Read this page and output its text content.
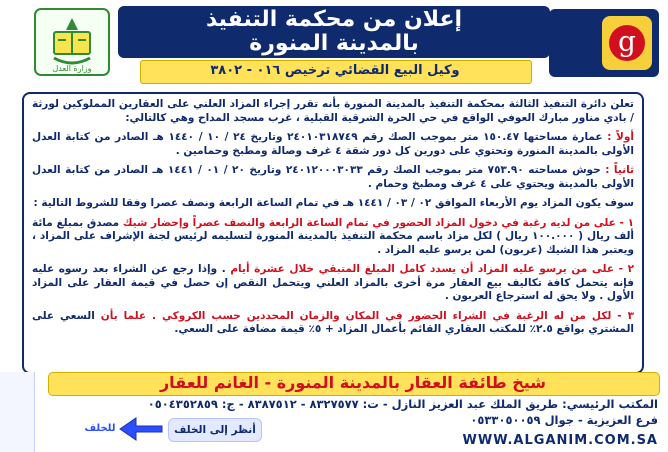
وزارة العدل
إعلان من محكمة التنفيذ
بالمدينة المنورة	g
وكيل البيع القضائي ترخيص ٠١٦ - ٣٨٠٢

تعلن دائرة التنفيذ الثالثة بمحكمة التنفيذ بالمدينة المنورة بأنه تقرر إجراء المزاد العلني على العقارين المملوكين لورثة / بادي مناور مبارك العوفي الواقع في حي الحرة الشرقية القبلية ، غرب مسجد المداح وهي كالتالي:

أولاً : عمارة مساحتها ١٥٠.٤٧ متر بموجب الصك رقم ٢٤٠١٠٣١٨٧٤٩ وتاريخ ٢٤ / ١٠ / ١٤٤٠ هـ الصادر من كتابة العدل الأولى بالمدينة المنورة وتحتوي على دورين كل دور شقة ٤ غرف وصالة ومطبخ وحمامين .

ثانياً : حوش مساحته ٧٥٣.٩٠ متر بموجب الصك رقم ٢٤٠١٢٠٠٠٣٠٣٣ وتاريخ ٢٠ / ٠١ / ١٤٤١ هـ الصادر من كتابة العدل الأولى بالمدينة ويحتوي على ٤ غرف ومطبخ وحمام .

سوف يكون المزاد يوم الأربعاء الموافق ٠٢ / ٠٣ / ١٤٤١ هـ في تمام الساعة الرابعة ونصف عصرا وفقا للشروط التالية :

١ - على من لديه رغبة في دخول المزاد الحضور في تمام الساعة الرابعة والنصف عصراً وإحضار شيك مصدق بمبلغ مائة ألف ريال ( ١٠٠.٠٠٠ ريال ) لكل مزاد باسم محكمة التنفيذ بالمدينة المنورة لتسليمه لرئيس لجنة الإشراف على المزاد ، ويعتبر هذا الشيك (عربون) لمن يرسو عليه المزاد .

٢ - على من يرسو عليه المزاد أن يسدد كامل المبلغ المتبقي خلال عشرة أيام . وإذا رجع عن الشراء بعد رسوه عليه فإنه يتحمل كافة تكاليف بيع العقار مرة أخرى بالمزاد العلني ويتحمل النقص إن حصل في قيمة العقار على المزاد الأول . ولا يحق له استرجاع العربون .

٣ - لكل من له الرغبة في الشراء الحضور في المكان والزمان المحددين حسب الكروكي . علما بأن السعي على المشتري بواقع ٢.٥٪ للمكتب العقاري القائم بأعمال المزاد + ٥٪ قيمة مضافة على السعي.

شيخ طائفة العقار بالمدينة المنورة - الغانم للعقار
المكتب الرئيسي: طريق الملك عبد العزيز النازل - ت: ٨٣٢٧٥٧٧ - ٨٣٨٧٥١٢ - ج: ٠٥٠٤٣٥٢٨٥٩
فرع العزيزية - جوال ٠٥٣٣٠٥٠٠٥٩
أنظر إلى الخلف
للخلف
WWW.ALGANIM.COM.SA
